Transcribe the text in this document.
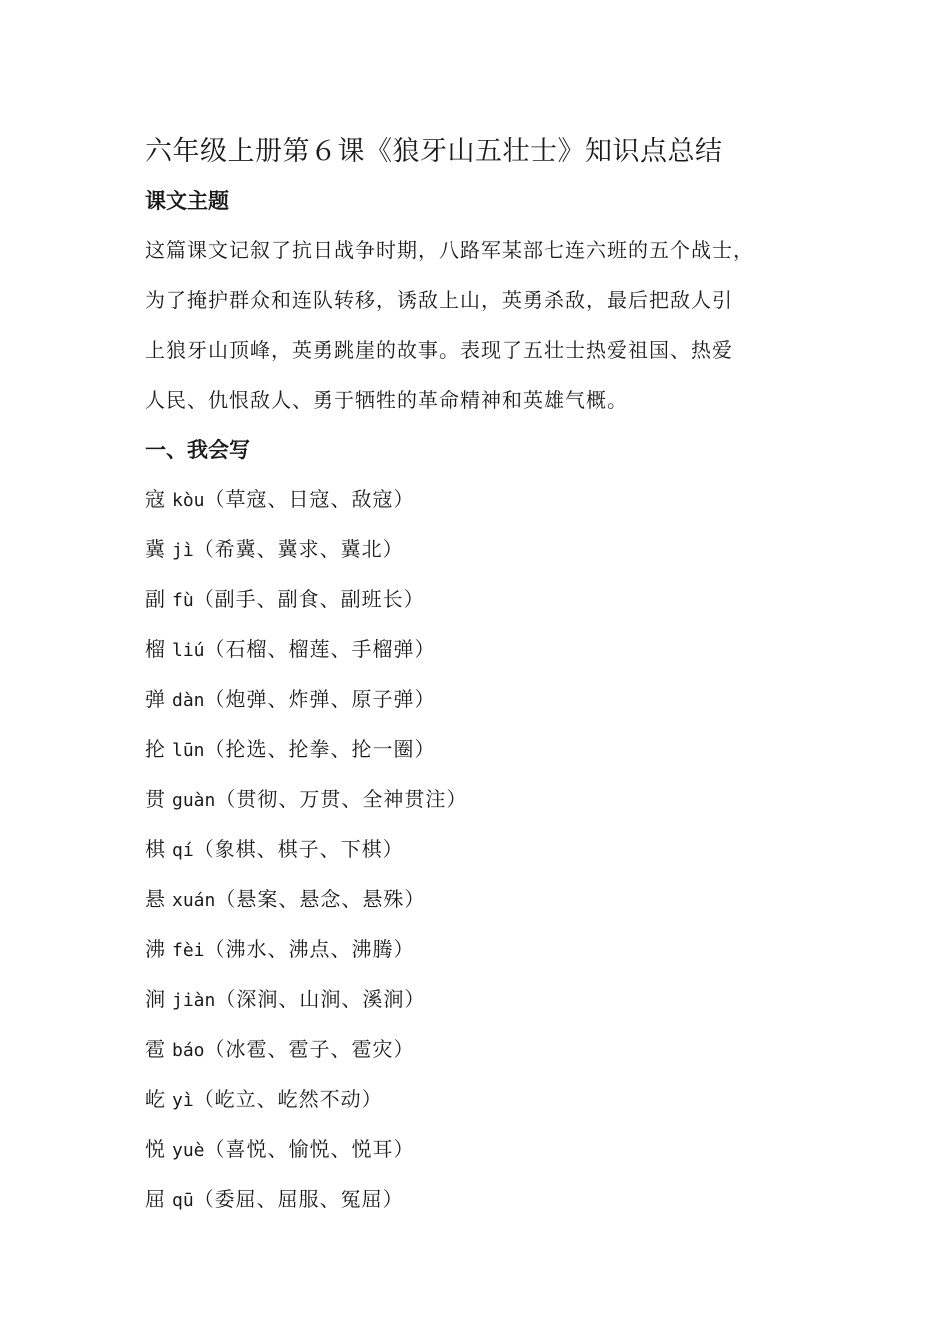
六年级上册第６课《狼牙山五壮士》知识点总结
课文主题
这篇课文记叙了抗日战争时期，八路军某部七连六班的五个战士，
为了掩护群众和连队转移，诱敌上山，英勇杀敌，最后把敌人引
上狼牙山顶峰，英勇跳崖的故事。表现了五壮士热爱祖国、热爱
人民、仇恨敌人、勇于牺牲的革命精神和英雄气概。
一、我会写
寇 kòu（草寇、日寇、敌寇）
冀 jì（希冀、冀求、冀北）
副 fù（副手、副食、副班长）
榴 liú（石榴、榴莲、手榴弹）
弹 dàn（炮弹、炸弹、原子弹）
抡 lūn（抡选、抡拳、抡一圈）
贯 guàn（贯彻、万贯、全神贯注）
棋 qí（象棋、棋子、下棋）
悬 xuán（悬案、悬念、悬殊）
沸 fèi（沸水、沸点、沸腾）
涧 jiàn（深涧、山涧、溪涧）
雹 báo（冰雹、雹子、雹灾）
屹 yì（屹立、屹然不动）
悦 yuè（喜悦、愉悦、悦耳）
屈 qū（委屈、屈服、冤屈）
